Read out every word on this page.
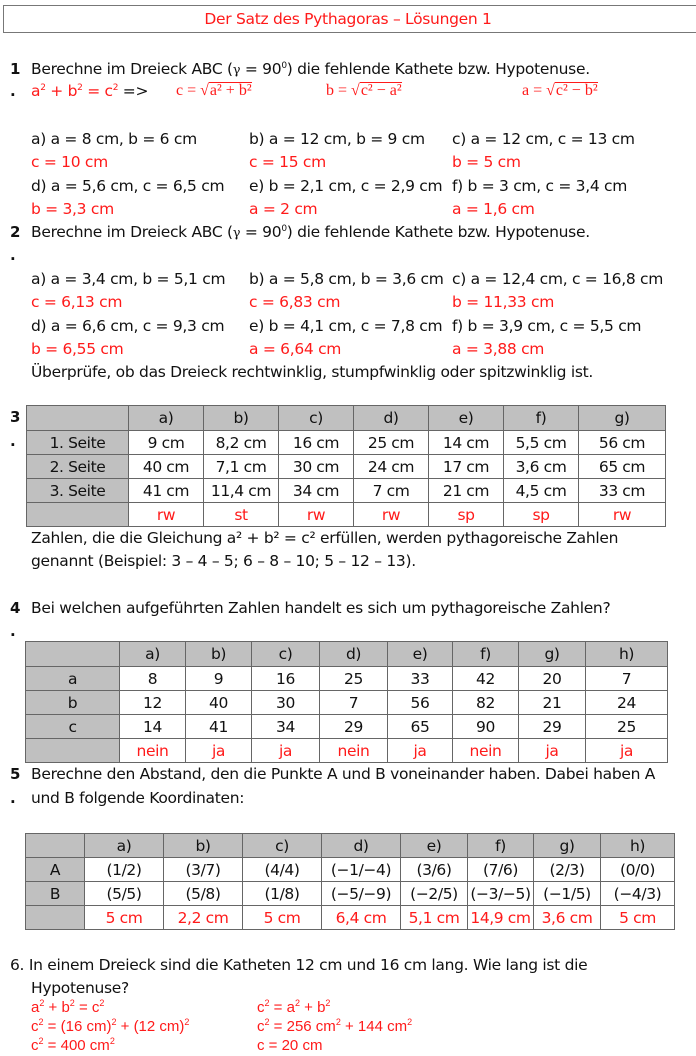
Der Satz des Pythagoras – Lösungen 1
1 Berechne im Dreieck ABC $(\gamma = 90^0)$ die fehlende Kathete bzw. Hypotenuse.
. $a^2 + b^2 = c^2 => c = √a^2 + b^2$	b = √c² − a²	a = √c² − b²
a) a = 8 cm, b = 6 cm
c = 10 cm
b) a = 12 cm, b = 9 cm
c = 15 cm
c) a = 12 cm, c = 13 cm
b = 5 cm
d) a = 5,6 cm, c = 6,5 cm
b = 3,3 cm
e) b = 2,1 cm, c = 2,9 cm
a = 2 cm
f) b = 3 cm, c = 3,4 cm
a = 1,6 cm
2 Berechne im Dreieck ABC $(\gamma = 90^0)$ die fehlende Kathete bzw. Hypotenuse.
.
a) a = 3,4 cm, b = 5,1 cm
c = 6,13 cm
b) a = 5,8 cm, b = 3,6 cm
c = 6,83 cm
c) a = 12,4 cm, c = 16,8 cm
b = 11,33 cm
d) a = 6,6 cm, c = 9,3 cm
b = 6,55 cm
e) b = 4,1 cm, c = 7,8 cm
a = 6,64 cm
f) b = 3,9 cm, c = 5,5 cm
a = 3,88 cm
Überprüfe, ob das Dreieck rechtwinklig, stumpfwinklig oder spitzwinklig ist.
3
.
	a)	b)	c)	d)	e)	f)	g)
1. Seite	9 cm	8,2 cm	16 cm	25 cm	14 cm	5,5 cm	56 cm
2. Seite	40 cm	7,1 cm	30 cm	24 cm	17 cm	3,6 cm	65 cm
3. Seite	41 cm	11,4 cm	34 cm	7 cm	21 cm	4,5 cm	33 cm
	rw	st	rw	rw	sp	sp	rw
Zahlen, die die Gleichung a² + b² = c² erfüllen, werden pythagoreische Zahlen
genannt (Beispiel: 3 – 4 – 5; 6 – 8 – 10; 5 – 12 – 13).
4 Bei welchen aufgeführten Zahlen handelt es sich um pythagoreische Zahlen?
.
	a)	b)	c)	d)	e)	f)	g)	h)
a	8	9	16	25	33	42	20	7
b	12	40	30	7	56	82	21	24
c	14	41	34	29	65	90	29	25
	nein	ja	ja	nein	ja	nein	ja	ja
5 Berechne den Abstand, den die Punkte A und B voneinander haben. Dabei haben A
. und B folgende Koordinaten:
	a)	b)	c)	d)	e)	f)	g)	h)
A	(1/2)	(3/7)	(4/4)	(−1/−4)	(3/6)	(7/6)	(2/3)	(0/0)
B	(5/5)	(5/8)	(1/8)	(−5/−9)	(−2/5)	(−3/−5)	(−1/5)	(−4/3)
	5 cm	2,2 cm	5 cm	6,4 cm	5,1 cm	14,9 cm	3,6 cm	5 cm
6. In einem Dreieck sind die Katheten 12 cm und 16 cm lang. Wie lang ist die
Hypotenuse?
$a^2 + b^2 = c^2$
$c^2 = (16$ cm)$^2$ + (12 cm)$^2$
$c^2 = 400$ $cm^2$
$c^2 = a^2 + b^2$
$c^2 = 256$ $cm^2 + 144$ $cm^2$
c = 20 cm
